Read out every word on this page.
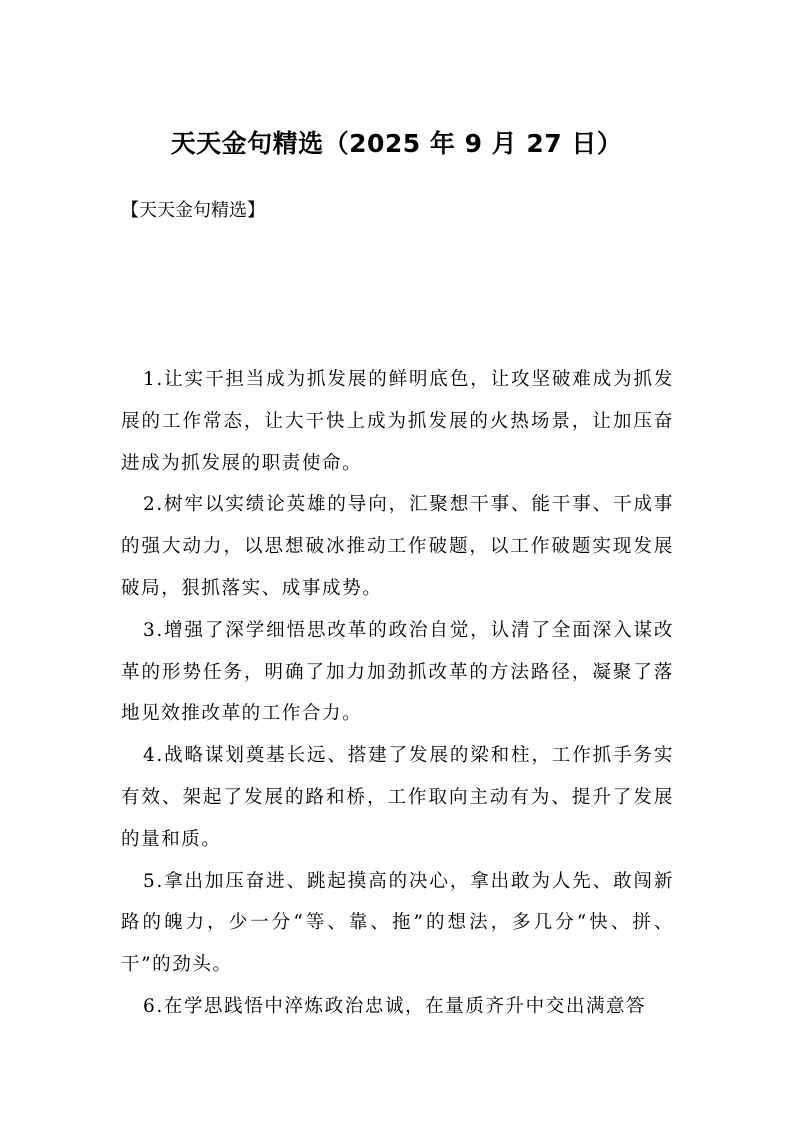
天天金句精选（2025 年 9 月 27 日）
【天天金句精选】

1.让实干担当成为抓发展的鲜明底色，让攻坚破难成为抓发展的工作常态，让大干快上成为抓发展的火热场景，让加压奋进成为抓发展的职责使命。

2.树牢以实绩论英雄的导向，汇聚想干事、能干事、干成事的强大动力，以思想破冰推动工作破题，以工作破题实现发展破局，狠抓落实、成事成势。

3.增强了深学细悟思改革的政治自觉，认清了全面深入谋改革的形势任务，明确了加力加劲抓改革的方法路径，凝聚了落地见效推改革的工作合力。

4.战略谋划奠基长远、搭建了发展的梁和柱，工作抓手务实有效、架起了发展的路和桥，工作取向主动有为、提升了发展的量和质。

5.拿出加压奋进、跳起摸高的决心，拿出敢为人先、敢闯新路的魄力，少一分“等、靠、拖”的想法，多几分“快、拼、干”的劲头。

6.在学思践悟中淬炼政治忠诚，在量质齐升中交出满意答
